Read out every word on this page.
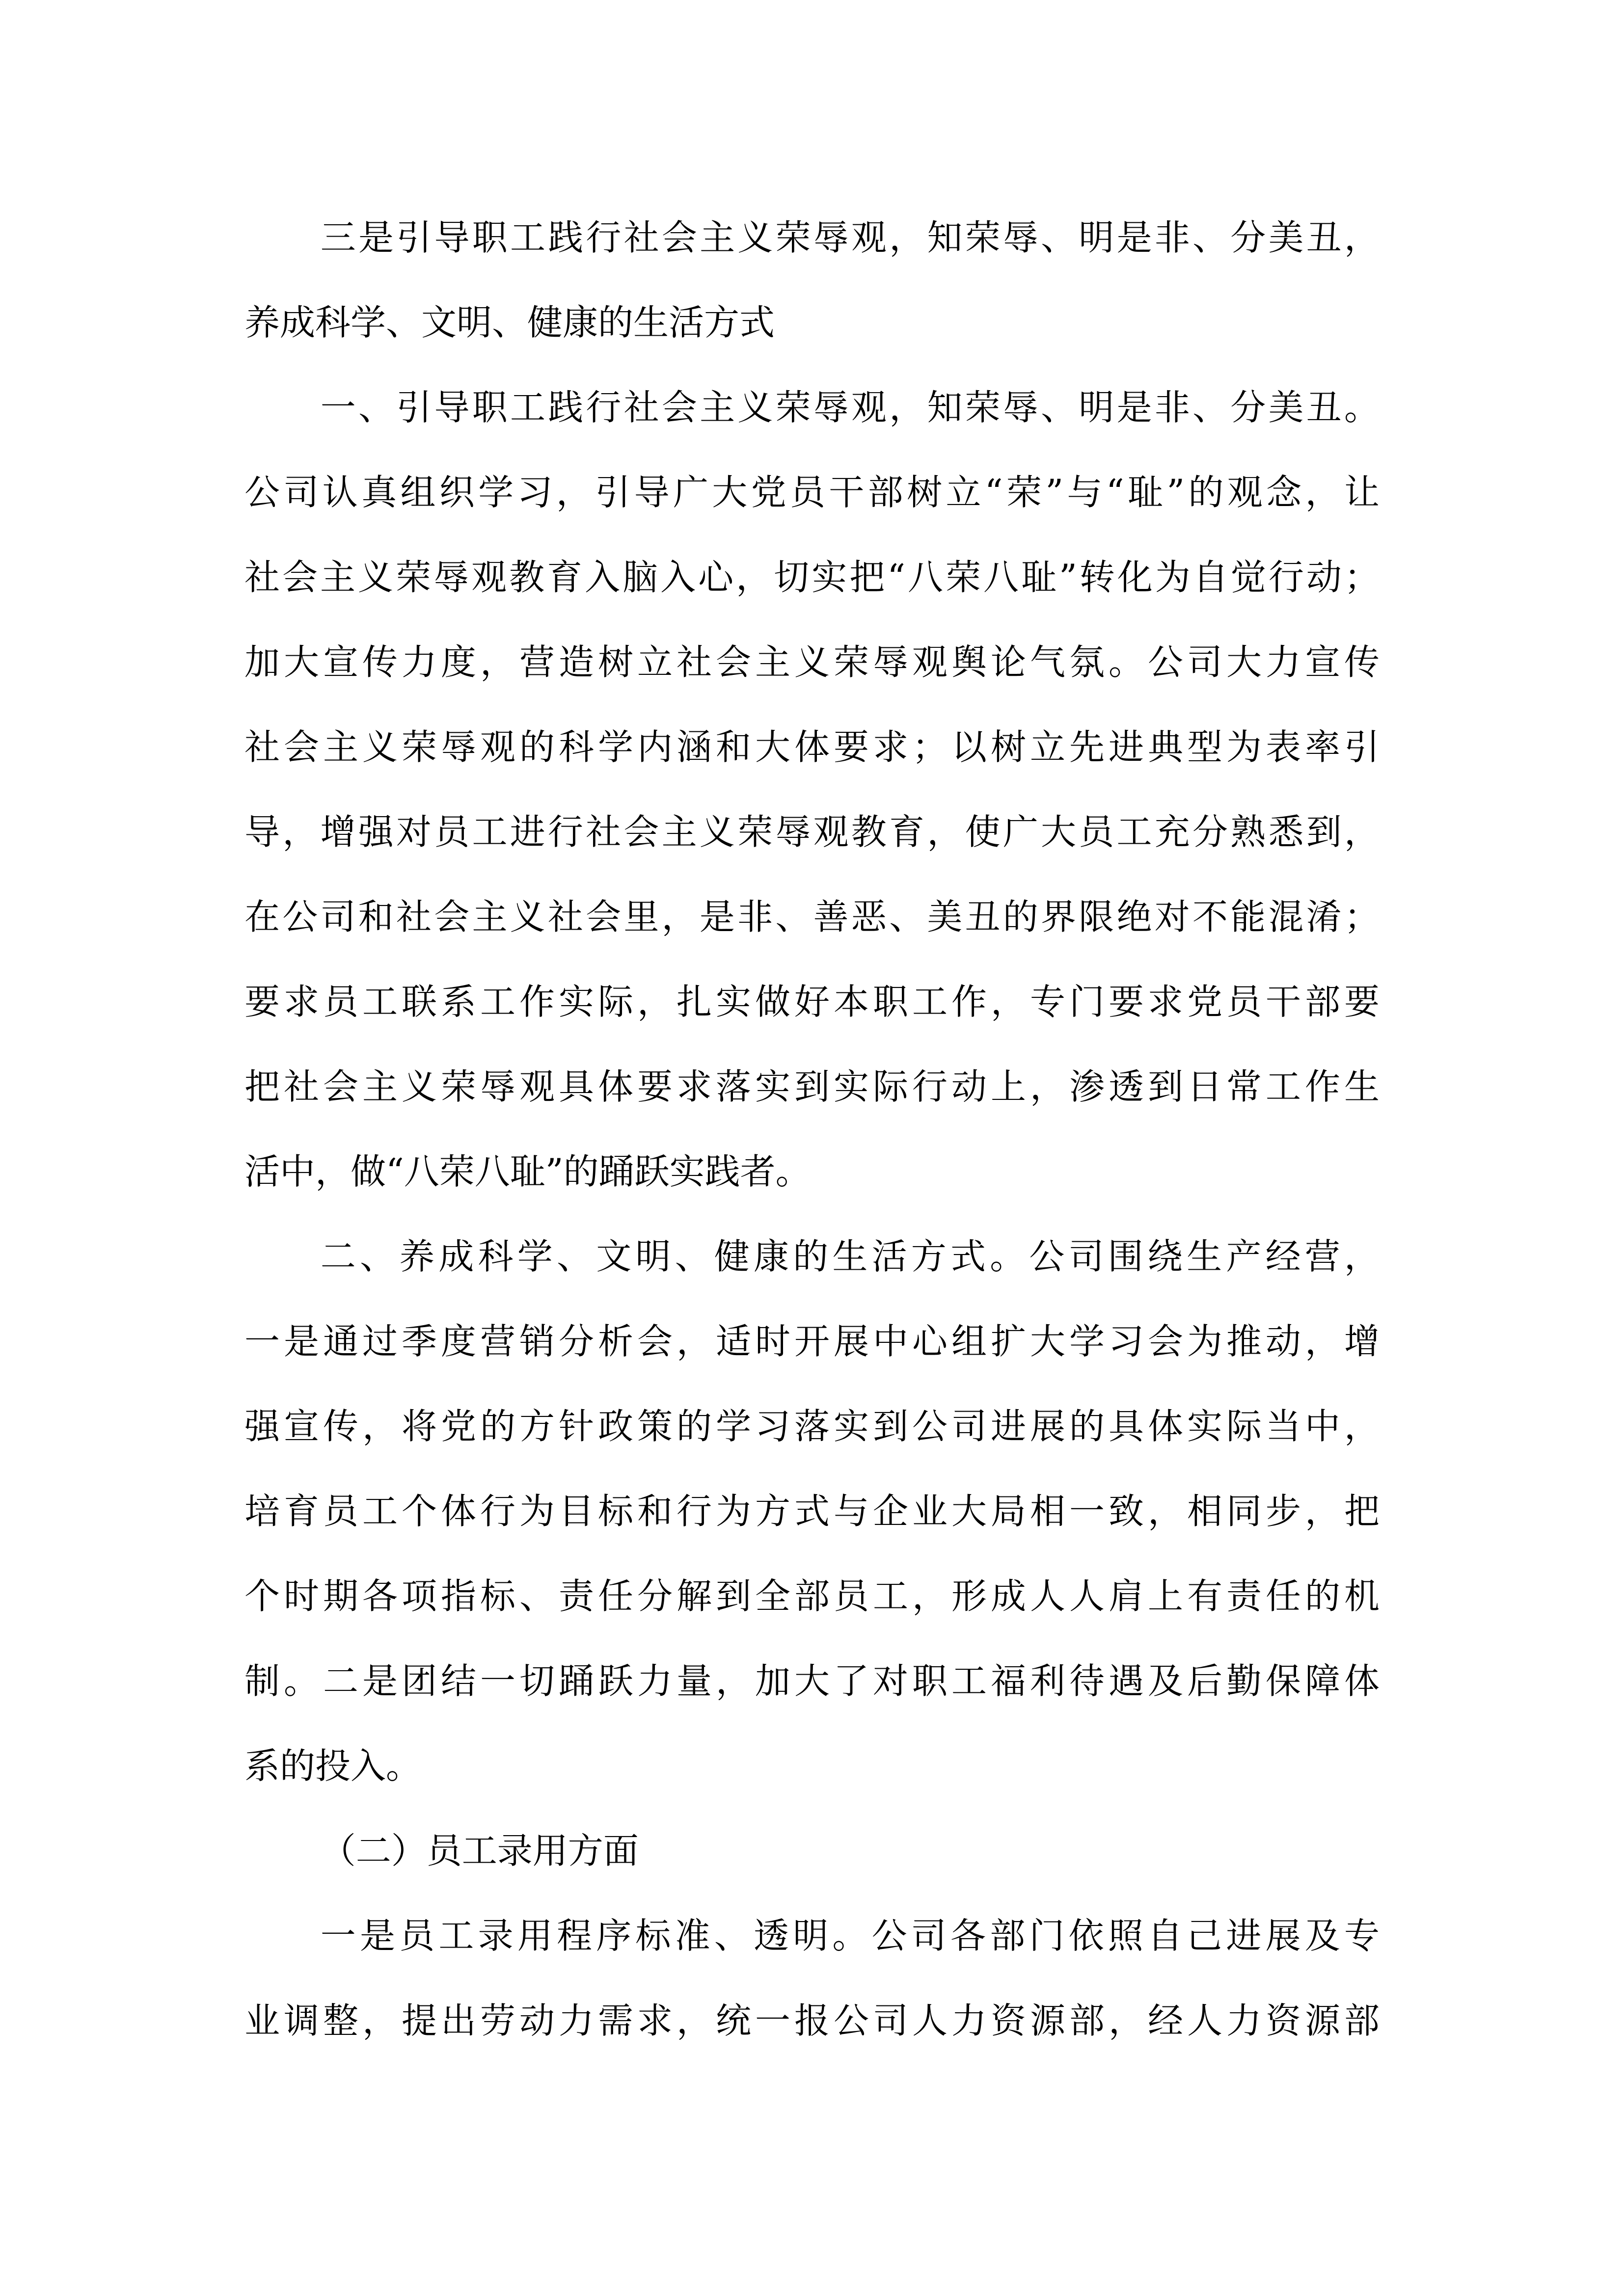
三是引导职工践行社会主义荣辱观，知荣辱、明是非、分美丑，
养成科学、文明、健康的生活方式
一、引导职工践行社会主义荣辱观，知荣辱、明是非、分美丑。
公司认真组织学习，引导广大党员干部树立“荣”与“耻”的观念，让
社会主义荣辱观教育入脑入心，切实把“八荣八耻”转化为自觉行动；
加大宣传力度，营造树立社会主义荣辱观舆论气氛。公司大力宣传
社会主义荣辱观的科学内涵和大体要求；以树立先进典型为表率引
导，增强对员工进行社会主义荣辱观教育，使广大员工充分熟悉到，
在公司和社会主义社会里，是非、善恶、美丑的界限绝对不能混淆；
要求员工联系工作实际，扎实做好本职工作，专门要求党员干部要
把社会主义荣辱观具体要求落实到实际行动上，渗透到日常工作生
活中，做“八荣八耻”的踊跃实践者。
二、养成科学、文明、健康的生活方式。公司围绕生产经营，
一是通过季度营销分析会，适时开展中心组扩大学习会为推动，增
强宣传，将党的方针政策的学习落实到公司进展的具体实际当中，
培育员工个体行为目标和行为方式与企业大局相一致，相同步，把
个时期各项指标、责任分解到全部员工，形成人人肩上有责任的机
制。二是团结一切踊跃力量，加大了对职工福利待遇及后勤保障体
系的投入。
（二）员工录用方面
一是员工录用程序标准、透明。公司各部门依照自己进展及专
业调整，提出劳动力需求，统一报公司人力资源部，经人力资源部
